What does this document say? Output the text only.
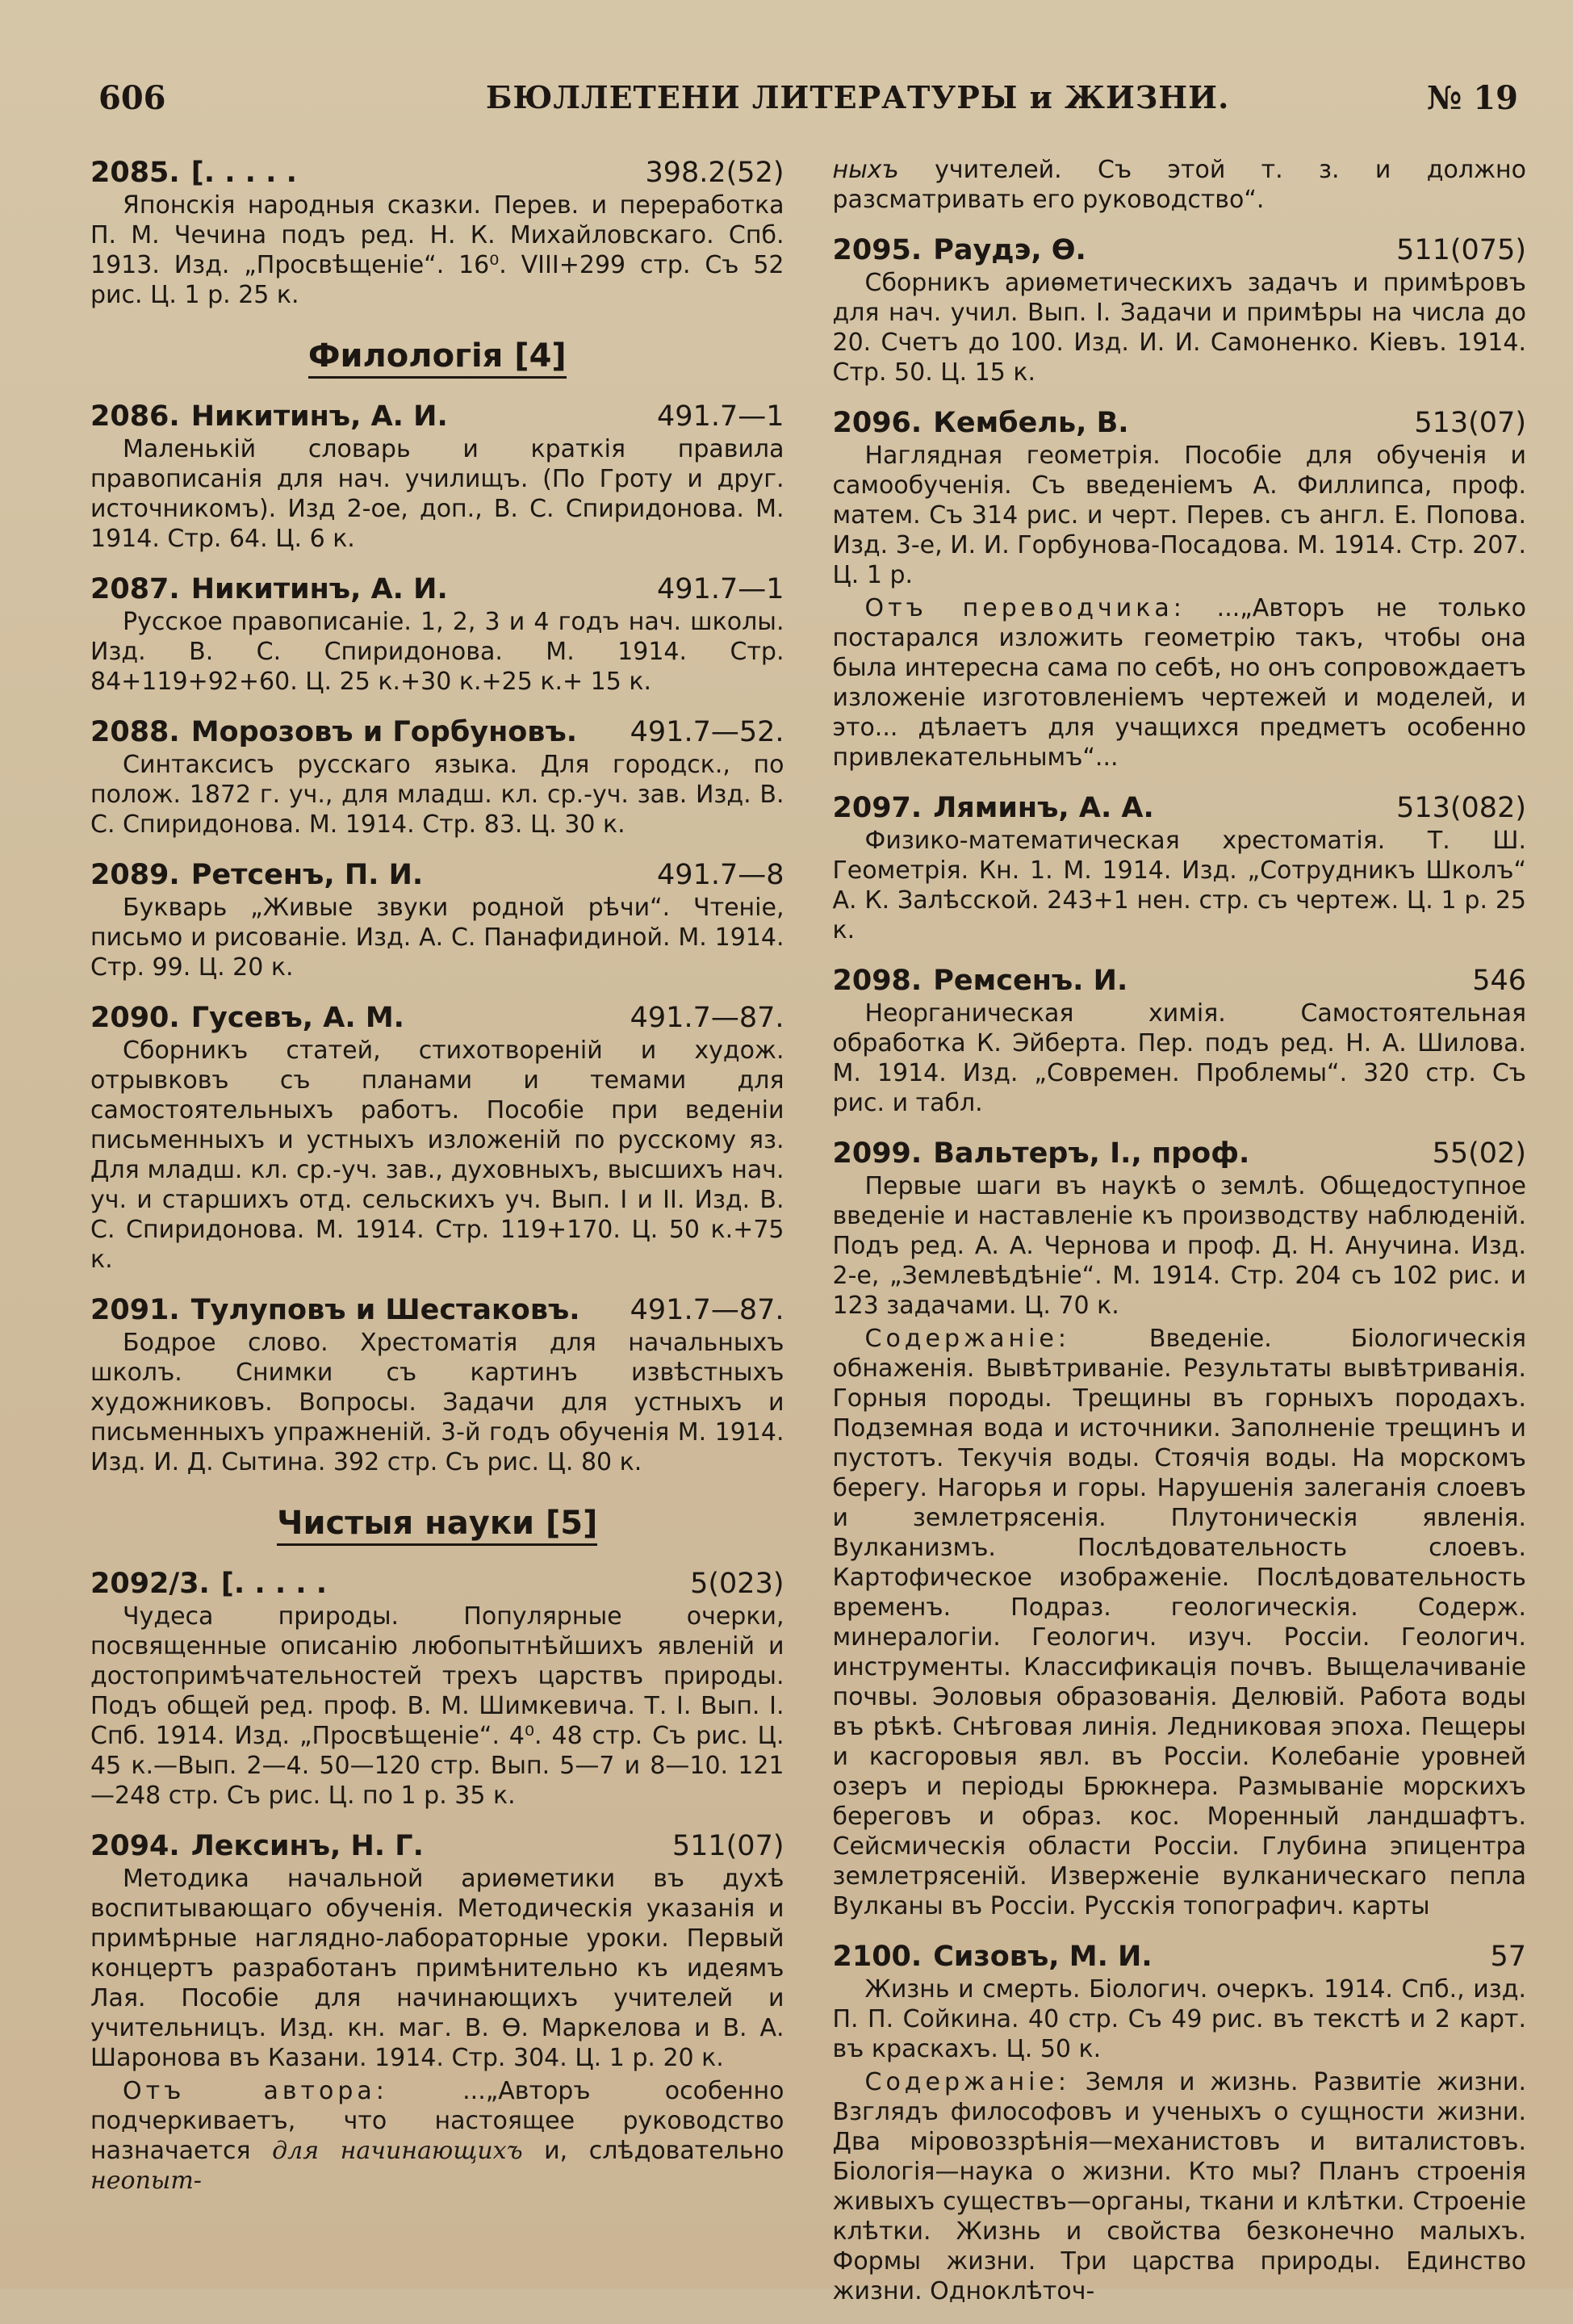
606	БЮЛЛЕТЕНИ ЛИТЕРАТУРЫ и ЖИЗНИ.	№ 19
2085. [. . . . .	398.2(52)
Японскія народныя сказки. Перев. и переработка П. М. Чечина подъ ред. Н. К. Михайловскаго. Спб. 1913. Изд. „Просвѣщеніе“. 16⁰. VIII+299 стр. Съ 52 рис. Ц. 1 р. 25 к.
Филологія [4]
2086. Никитинъ, А. И.	491.7—1
Маленькій словарь и краткія правила правописанія для нач. училищъ. (По Гроту и друг. источникомъ). Изд 2-ое, доп., В. С. Спиридонова. М. 1914. Стр. 64. Ц. 6 к.
2087. Никитинъ, А. И.	491.7—1
Русское правописаніе. 1, 2, 3 и 4 годъ нач. школы. Изд. В. С. Спиридонова. М. 1914. Стр. 84+119+92+60. Ц. 25 к.+30 к.+25 к.+ 15 к.
2088. Морозовъ и Горбуновъ. 491.7—52.
Синтаксисъ русскаго языка. Для городск., по полож. 1872 г. уч., для младш. кл. ср.-уч. зав. Изд. В. С. Спиридонова. М. 1914. Стр. 83. Ц. 30 к.
2089. Ретсенъ, П. И.	491.7—8
Букварь „Живые звуки родной рѣчи“. Чтеніе, письмо и рисованіе. Изд. А. С. Панафидиной. М. 1914. Стр. 99. Ц. 20 к.
2090. Гусевъ, А. М.	491.7—87.
Сборникъ статей, стихотвореній и худож. отрывковъ съ планами и темами для самостоятельныхъ работъ. Пособіе при веденіи письменныхъ и устныхъ изложеній по русскому яз. Для младш. кл. ср.-уч. зав., духовныхъ, высшихъ нач. уч. и старшихъ отд. сельскихъ уч. Вып. I и II. Изд. В. С. Спиридонова. М. 1914. Стр. 119+170. Ц. 50 к.+75 к.
2091. Тулуповъ и Шестаковъ. 491.7—87.
Бодрое слово. Хрестоматія для начальныхъ школъ. Снимки съ картинъ извѣстныхъ художниковъ. Вопросы. Задачи для устныхъ и письменныхъ упражненій. 3-й годъ обученія М. 1914. Изд. И. Д. Сытина. 392 стр. Съ рис. Ц. 80 к.
Чистыя науки [5]
2092/3. [. . . . .	5(023)
Чудеса природы. Популярные очерки, посвященные описанію любопытнѣйшихъ явленій и достопримѣчательностей трехъ царствъ природы. Подъ общей ред. проф. В. М. Шимкевича. Т. I. Вып. I. Спб. 1914. Изд. „Просвѣщеніе“. 4⁰. 48 стр. Съ рис. Ц. 45 к.—Вып. 2—4. 50—120 стр. Вып. 5—7 и 8—10. 121—248 стр. Съ рис. Ц. по 1 р. 35 к.
2094. Лексинъ, Н. Г.	511(07)
Методика начальной ариѳметики въ духѣ воспитывающаго обученія. Методическія указанія и примѣрные наглядно-лабораторные уроки. Первый концертъ разработанъ примѣнительно къ идеямъ Лая. Пособіе для начинающихъ учителей и учительницъ. Изд. кн. маг. В. Ѳ. Маркелова и В. А. Шаронова въ Казани. 1914. Стр. 304. Ц. 1 р. 20 к.
Отъ автора: ...„Авторъ особенно подчеркиваетъ, что настоящее руководство назначается для начинающихъ и, слѣдовательно неопыт-
ныхъ учителей. Съ этой т. з. и должно разсматривать его руководство“.
2095. Раудэ, Ѳ.	511(075)
Сборникъ ариѳметическихъ задачъ и примѣровъ для нач. учил. Вып. I. Задачи и примѣры на числа до 20. Счетъ до 100. Изд. И. И. Самоненко. Кіевъ. 1914. Стр. 50. Ц. 15 к.
2096. Кембель, В.	513(07)
Наглядная геометрія. Пособіе для обученія и самообученія. Съ введеніемъ А. Филлипса, проф. матем. Съ 314 рис. и черт. Перев. съ англ. Е. Попова. Изд. 3-е, И. И. Горбунова-Посадова. М. 1914. Стр. 207. Ц. 1 р.
Отъ переводчика: ...„Авторъ не только постарался изложить геометрію такъ, чтобы она была интересна сама по себѣ, но онъ сопровождаетъ изложеніе изготовленіемъ чертежей и моделей, и это... дѣлаетъ для учащихся предметъ особенно привлекательнымъ“...
2097. Ляминъ, А. А.	513(082)
Физико-математическая хрестоматія. Т. Ш. Геометрія. Кн. 1. М. 1914. Изд. „Сотрудникъ Школъ“ А. К. Залѣсской. 243+1 нен. стр. съ чертеж. Ц. 1 р. 25 к.
2098. Ремсенъ. И.	546
Неорганическая химія. Самостоятельная обработка К. Эйберта. Пер. подъ ред. Н. А. Шилова. М. 1914. Изд. „Современ. Проблемы“. 320 стр. Съ рис. и табл.
2099. Вальтеръ, І., проф.	55(02)
Первые шаги въ наукѣ о землѣ. Общедоступное введеніе и наставленіе къ производству наблюденій. Подъ ред. А. А. Чернова и проф. Д. Н. Анучина. Изд. 2-е, „Землевѣдѣніе“. М. 1914. Стр. 204 съ 102 рис. и 123 задачами. Ц. 70 к.
Содержаніе: Введеніе. Біологическія обнаженія. Вывѣтриваніе. Результаты вывѣтриванія. Горныя породы. Трещины въ горныхъ породахъ. Подземная вода и источники. Заполненіе трещинъ и пустотъ. Текучія воды. Стоячія воды. На морскомъ берегу. Нагорья и горы. Нарушенія залеганія слоевъ и землетрясенія. Плутоническія явленія. Вулканизмъ. Послѣдовательность слоевъ. Картофическое изображеніе. Послѣдовательность временъ. Подраз. геологическія. Содерж. минералогіи. Геологич. изуч. Россіи. Геологич. инструменты. Классификація почвъ. Выщелачиваніе почвы. Эоловыя образованія. Делювій. Работа воды въ рѣкѣ. Снѣговая линія. Ледниковая эпоха. Пещеры и касгоровыя явл. въ Россіи. Колебаніе уровней озеръ и періоды Брюкнера. Размываніе морскихъ береговъ и образ. кос. Моренный ландшафтъ. Сейсмическія области Россіи. Глубина эпицентра землетрясеній. Изверженіе вулканическаго пепла Вулканы въ Россіи. Русскія топографич. карты
2100. Сизовъ, М. И.	57
Жизнь и смерть. Біологич. очеркъ. 1914. Спб., изд. П. П. Сойкина. 40 стр. Съ 49 рис. въ текстѣ и 2 карт. въ краскахъ. Ц. 50 к.
Содержаніе: Земля и жизнь. Развитіе жизни. Взглядъ философовъ и ученыхъ о сущности жизни. Два міровоззрѣнія—механистовъ и виталистовъ. Біологія—наука о жизни. Кто мы? Планъ строенія живыхъ существъ—органы, ткани и клѣтки. Строеніе клѣтки. Жизнь и свойства безконечно малыхъ. Формы жизни. Три царства природы. Единство жизни. Одноклѣточ-
